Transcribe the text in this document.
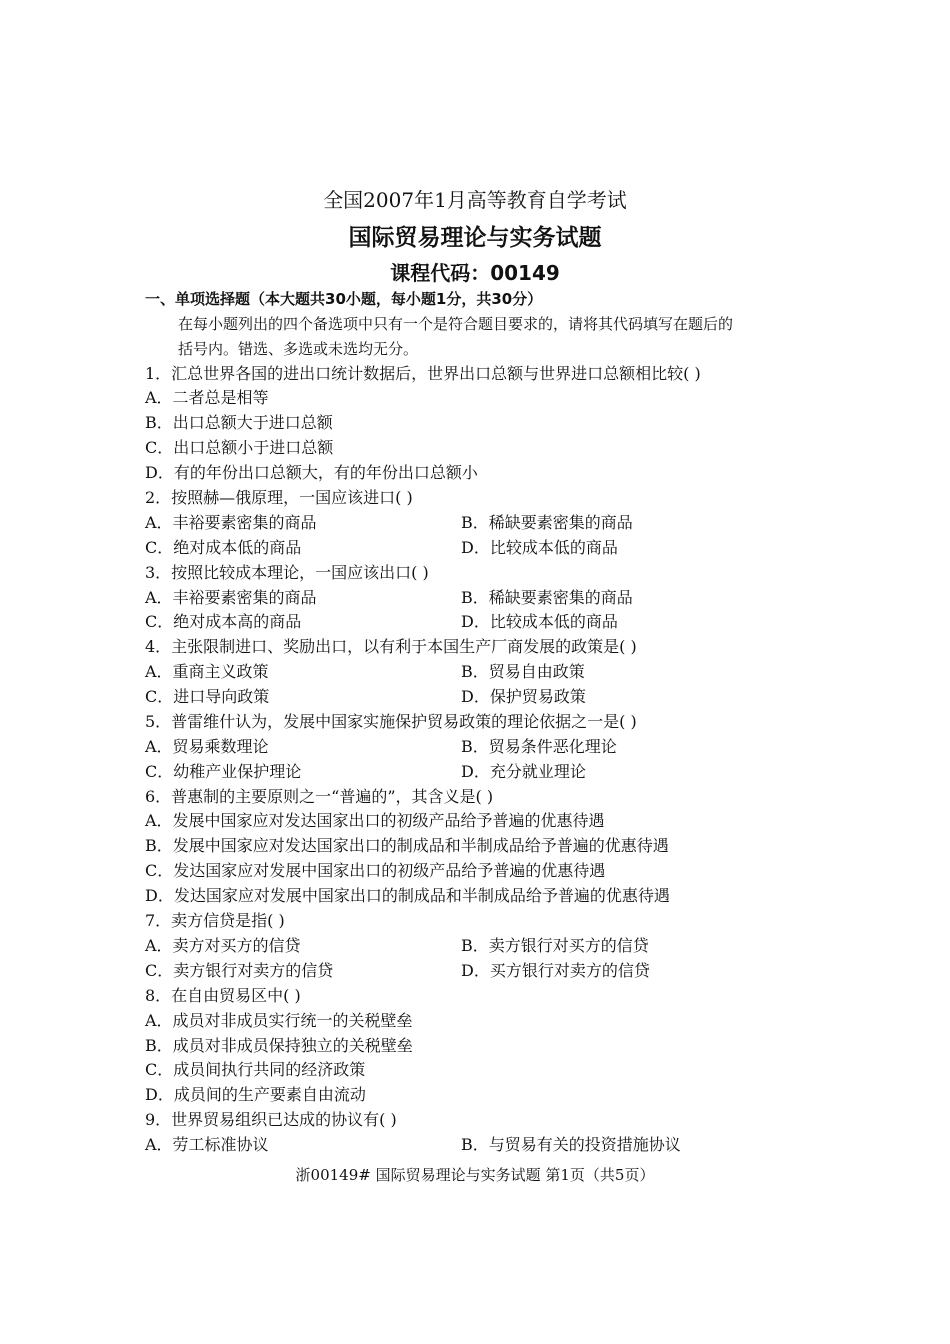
全国2007年1月高等教育自学考试
国际贸易理论与实务试题
课程代码：00149
一、单项选择题（本大题共30小题，每小题1分，共30分）
在每小题列出的四个备选项中只有一个是符合题目要求的，请将其代码填写在题后的
括号内。错选、多选或未选均无分。
1．汇总世界各国的进出口统计数据后，世界出口总额与世界进口总额相比较( )
A．二者总是相等
B．出口总额大于进口总额
C．出口总额小于进口总额
D．有的年份出口总额大，有的年份出口总额小
2．按照赫—俄原理，一国应该进口( )
A．丰裕要素密集的商品	B．稀缺要素密集的商品
C．绝对成本低的商品	D．比较成本低的商品
3．按照比较成本理论，一国应该出口( )
A．丰裕要素密集的商品	B．稀缺要素密集的商品
C．绝对成本高的商品	D．比较成本低的商品
4．主张限制进口、奖励出口，以有利于本国生产厂商发展的政策是( )
A．重商主义政策	B．贸易自由政策
C．进口导向政策	D．保护贸易政策
5．普雷维什认为，发展中国家实施保护贸易政策的理论依据之一是( )
A．贸易乘数理论	B．贸易条件恶化理论
C．幼稚产业保护理论	D．充分就业理论
6．普惠制的主要原则之一“普遍的”，其含义是( )
A．发展中国家应对发达国家出口的初级产品给予普遍的优惠待遇
B．发展中国家应对发达国家出口的制成品和半制成品给予普遍的优惠待遇
C．发达国家应对发展中国家出口的初级产品给予普遍的优惠待遇
D．发达国家应对发展中国家出口的制成品和半制成品给予普遍的优惠待遇
7．卖方信贷是指( )
A．卖方对买方的信贷	B．卖方银行对买方的信贷
C．卖方银行对卖方的信贷	D．买方银行对卖方的信贷
8．在自由贸易区中( )
A．成员对非成员实行统一的关税壁垒
B．成员对非成员保持独立的关税壁垒
C．成员间执行共同的经济政策
D．成员间的生产要素自由流动
9．世界贸易组织已达成的协议有( )
A．劳工标准协议	B．与贸易有关的投资措施协议
浙00149# 国际贸易理论与实务试题 第1页（共5页）
